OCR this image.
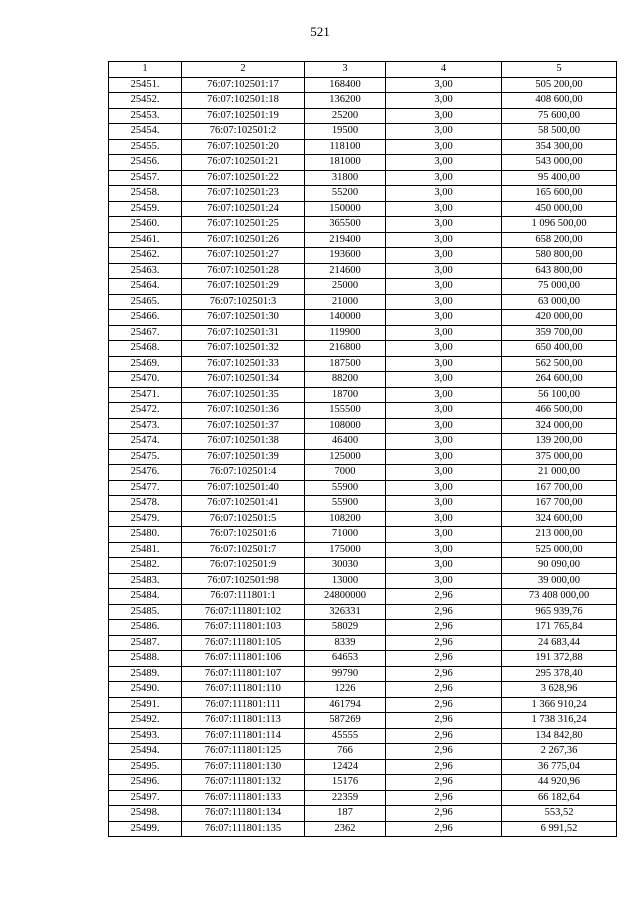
521
1	2	3	4	5
25451.	76:07:102501:17	168400	3,00	505 200,00
25452.	76:07:102501:18	136200	3,00	408 600,00
25453.	76:07:102501:19	25200	3,00	75 600,00
25454.	76:07:102501:2	19500	3,00	58 500,00
25455.	76:07:102501:20	118100	3,00	354 300,00
25456.	76:07:102501:21	181000	3,00	543 000,00
25457.	76:07:102501:22	31800	3,00	95 400,00
25458.	76:07:102501:23	55200	3,00	165 600,00
25459.	76:07:102501:24	150000	3,00	450 000,00
25460.	76:07:102501:25	365500	3,00	1 096 500,00
25461.	76:07:102501:26	219400	3,00	658 200,00
25462.	76:07:102501:27	193600	3,00	580 800,00
25463.	76:07:102501:28	214600	3,00	643 800,00
25464.	76:07:102501:29	25000	3,00	75 000,00
25465.	76:07:102501:3	21000	3,00	63 000,00
25466.	76:07:102501:30	140000	3,00	420 000,00
25467.	76:07:102501:31	119900	3,00	359 700,00
25468.	76:07:102501:32	216800	3,00	650 400,00
25469.	76:07:102501:33	187500	3,00	562 500,00
25470.	76:07:102501:34	88200	3,00	264 600,00
25471.	76:07:102501:35	18700	3,00	56 100,00
25472.	76:07:102501:36	155500	3,00	466 500,00
25473.	76:07:102501:37	108000	3,00	324 000,00
25474.	76:07:102501:38	46400	3,00	139 200,00
25475.	76:07:102501:39	125000	3,00	375 000,00
25476.	76:07:102501:4	7000	3,00	21 000,00
25477.	76:07:102501:40	55900	3,00	167 700,00
25478.	76:07:102501:41	55900	3,00	167 700,00
25479.	76:07:102501:5	108200	3,00	324 600,00
25480.	76:07:102501:6	71000	3,00	213 000,00
25481.	76:07:102501:7	175000	3,00	525 000,00
25482.	76:07:102501:9	30030	3,00	90 090,00
25483.	76:07:102501:98	13000	3,00	39 000,00
25484.	76:07:111801:1	24800000	2,96	73 408 000,00
25485.	76:07:111801:102	326331	2,96	965 939,76
25486.	76:07:111801:103	58029	2,96	171 765,84
25487.	76:07:111801:105	8339	2,96	24 683,44
25488.	76:07:111801:106	64653	2,96	191 372,88
25489.	76:07:111801:107	99790	2,96	295 378,40
25490.	76:07:111801:110	1226	2,96	3 628,96
25491.	76:07:111801:111	461794	2,96	1 366 910,24
25492.	76:07:111801:113	587269	2,96	1 738 316,24
25493.	76:07:111801:114	45555	2,96	134 842,80
25494.	76:07:111801:125	766	2,96	2 267,36
25495.	76:07:111801:130	12424	2,96	36 775,04
25496.	76:07:111801:132	15176	2,96	44 920,96
25497.	76:07:111801:133	22359	2,96	66 182,64
25498.	76:07:111801:134	187	2,96	553,52
25499.	76:07:111801:135	2362	2,96	6 991,52
